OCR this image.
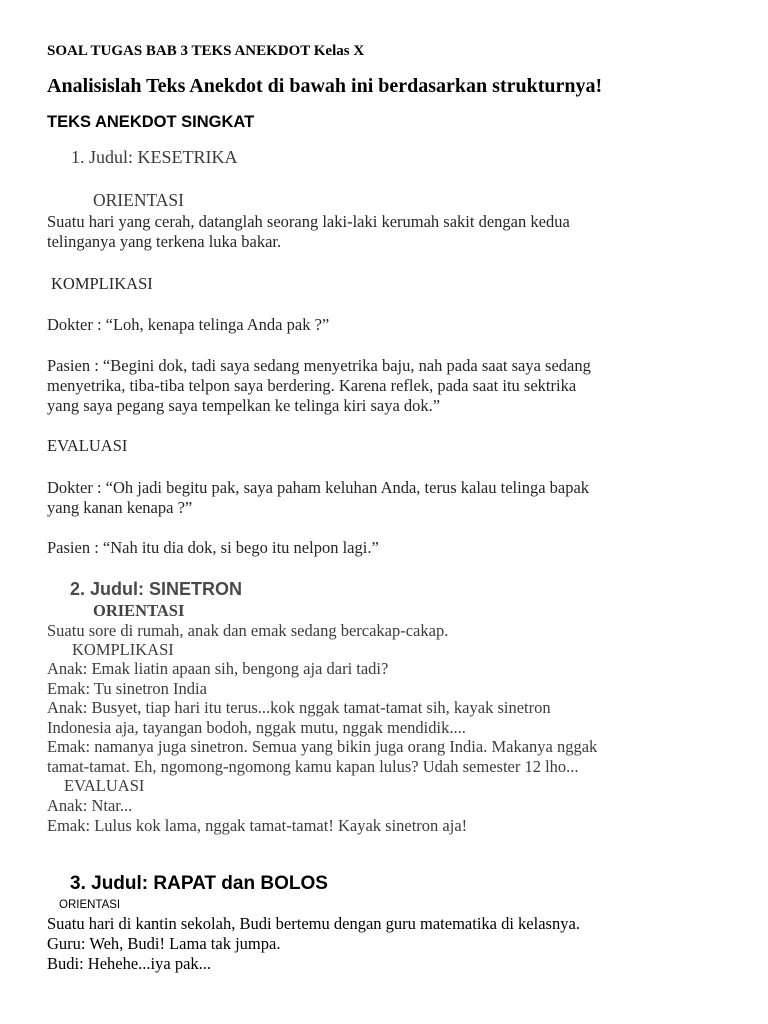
SOAL TUGAS BAB 3 TEKS ANEKDOT Kelas X
Analisislah Teks Anekdot di bawah ini berdasarkan strukturnya!
TEKS ANEKDOT SINGKAT
1. Judul: KESETRIKA
ORIENTASI
Suatu hari yang cerah, datanglah seorang laki-laki kerumah sakit dengan kedua
telinganya yang terkena luka bakar.
KOMPLIKASI
Dokter : “Loh, kenapa telinga Anda pak ?”
Pasien : “Begini dok, tadi saya sedang menyetrika baju, nah pada saat saya sedang
menyetrika, tiba-tiba telpon saya berdering. Karena reflek, pada saat itu sektrika
yang saya pegang saya tempelkan ke telinga kiri saya dok.”
EVALUASI
Dokter : “Oh jadi begitu pak, saya paham keluhan Anda, terus kalau telinga bapak
yang kanan kenapa ?”
Pasien : “Nah itu dia dok, si bego itu nelpon lagi.”
2. Judul: SINETRON
ORIENTASI
Suatu sore di rumah, anak dan emak sedang bercakap-cakap.
KOMPLIKASI
Anak: Emak liatin apaan sih, bengong aja dari tadi?
Emak: Tu sinetron India
Anak: Busyet, tiap hari itu terus...kok nggak tamat-tamat sih, kayak sinetron
Indonesia aja, tayangan bodoh, nggak mutu, nggak mendidik....
Emak: namanya juga sinetron. Semua yang bikin juga orang India. Makanya nggak
tamat-tamat. Eh, ngomong-ngomong kamu kapan lulus? Udah semester 12 lho...
EVALUASI
Anak: Ntar...
Emak: Lulus kok lama, nggak tamat-tamat! Kayak sinetron aja!
3. Judul: RAPAT dan BOLOS
ORIENTASI
Suatu hari di kantin sekolah, Budi bertemu dengan guru matematika di kelasnya.
Guru: Weh, Budi! Lama tak jumpa.
Budi: Hehehe...iya pak...
